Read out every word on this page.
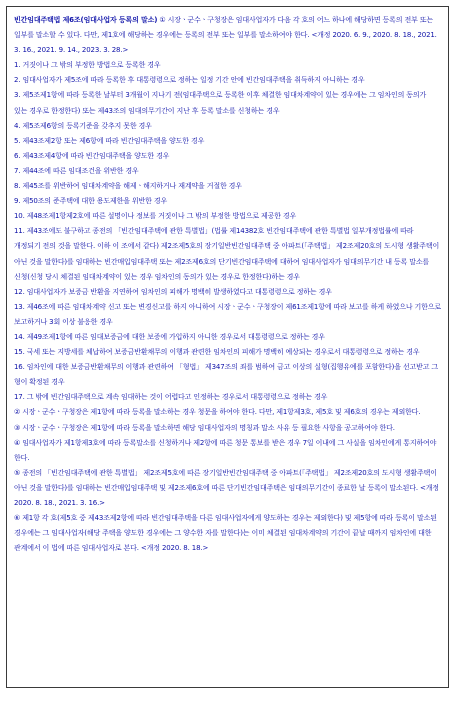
빈간임대주택법 제6조(임대사업자 등록의 말소) ① 시장ㆍ군수ㆍ구청장은 임대사업자가 다음 각 호의 어느 하나에 해당하면 등록의 전부 또는 일부를 말소할 수 있다. 다만, 제1호에 해당하는 경우에는 등록의 전부 또는 일부를 말소하여야 한다. <개정 2020. 6. 9., 2020. 8. 18., 2021. 3. 16., 2021. 9. 14., 2023. 3. 28.>

1. 거짓이나 그 밖의 부정한 방법으로 등록한 경우

2. 임대사업자가 제5조에 따라 등록한 후 대통령령으로 정하는 일정 기간 안에 빈간임대주택을 취득하지 아니하는 경우

3. 제5조제1항에 따라 등록한 날부터 3개월이 지나기 전(임대주택으로 등록한 이후 체결한 임대차계약이 있는 경우에는 그 임차인의 동의가 있는 경우로 한정한다) 또는 제43조의 임대의무기간이 지난 후 등록 말소를 신청하는 경우

4. 제5조제6항의 등록기준을 갖추지 못한 경우

5. 제43조제2항 또는 제6항에 따라 빈간임대주택을 양도한 경우

6. 제43조제4항에 따라 빈간임대주택을 양도한 경우

7. 제44조에 따른 임대조건을 위반한 경우

8. 제45조를 위반하여 임대차계약을 해제ㆍ해지하거나 재계약을 거절한 경우

9. 제50조의 준주택에 대한 용도제한을 위반한 경우

10. 제48조제1항제2호에 따른 설명이나 정보를 거짓이나 그 밖의 부정한 방법으로 제공한 경우

11. 제43조에도 불구하고 종전의 「빈간임대주택에 관한 특별법」(법률 제14382호 빈간임대주택에 관한 특별법 일부개정법률에 따라 개정되기 전의 것을 말한다. 이하 이 조에서 같다) 제2조제5호의 장기일반빈간임대주택 중 아파트(「주택법」 제2조제20호의 도시형 생활주택이 아닌 것을 말한다)를 임대하는 빈간매입임대주택 또는 제2조제6호의 단기빈간임대주택에 대하여 임대사업자가 임대의무기간 내 등록 말소를 신청(신청 당시 체결된 임대차계약이 있는 경우 임차인의 동의가 있는 경우로 한정한다)하는 경우

12. 임대사업자가 보증금 반환을 지연하여 임차인의 피해가 명백히 발생하였다고 대통령령으로 정하는 경우

13. 제46조에 따른 임대차계약 신고 또는 변경신고를 하지 아니하여 시장ㆍ군수ㆍ구청장이 제61조제1항에 따라 보고를 하게 하였으나 기한으로 보고하거나 3회 이상 불응한 경우

14. 제49조제1항에 따른 임대보증금에 대한 보증에 가입하지 아니한 경우로서 대통령령으로 정하는 경우

15. 국세 또는 지방세를 체납하여 보증금반환채무의 이행과 관련한 임차인의 피해가 명백히 예상되는 경우로서 대통령령으로 정하는 경우

16. 임차인에 대한 보증금반환채무의 이행과 관련하여 「형법」 제347조의 죄를 범하여 금고 이상의 실형(집행유예를 포함한다)을 선고받고 그 형이 확정된 경우

17. 그 밖에 빈간임대주택으로 계속 임대하는 것이 어렵다고 인정하는 경우로서 대통령령으로 정하는 경우

② 시장ㆍ군수ㆍ구청장은 제1항에 따라 등록을 말소하는 경우 청문을 하여야 한다. 다만, 제1항제3호, 제5호 및 제6호의 경우는 제외한다.

③ 시장ㆍ군수ㆍ구청장은 제1항에 따라 등록을 말소하면 해당 임대사업자의 명칭과 말소 사유 등 필요한 사항을 공고하여야 한다.

④ 임대사업자가 제1항제3호에 따라 등록말소를 신청하거나 제2항에 따른 청문 통보를 받은 경우 7일 이내에 그 사실을 임차인에게 통지하여야 한다.

⑤ 종전의 「빈간임대주택에 관한 특별법」 제2조제5호에 따른 장기일반빈간임대주택 중 아파트(「주택법」 제2조제20호의 도시형 생활주택이 아닌 것을 말한다)를 임대하는 빈간매입임대주택 및 제2조제6호에 따른 단기빈간임대주택은 임대의무기간이 종료한 날 등록이 말소된다. <개정 2020. 8. 18., 2021. 3. 16.>

⑥ 제1항 각 호(제5호 중 제43조제2항에 따라 빈간임대주택을 다른 임대사업자에게 양도하는 경우는 제외한다) 및 제5항에 따라 등록이 말소된 경우에는 그 임대사업자(해당 주택을 양도한 경우에는 그 양수한 자를 말한다)는 이미 체결된 임대차계약의 기간이 끝날 때까지 임차인에 대한 관계에서 이 법에 따른 임대사업자로 본다. <개정 2020. 8. 18.>
